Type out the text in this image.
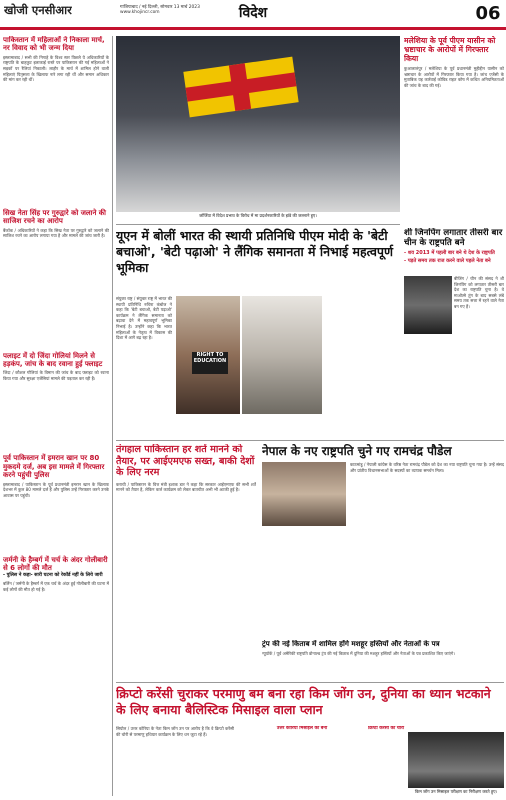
विदेश
खोजी एनसीआर	गाजियाबाद / नई दिल्ली, सोमवार 13 मार्च 2023
www.khojincr.com	06
पाकिस्तान में महिलाओं ने निकाला मार्च, नर विवाद को भी जन्म दिया
इस्लामाबाद / सभी की निगाहे के विश्व स्तर पिछले ये अधिकारियों के राष्ट्रपति के बाहकुट इलाकाई रास्ते पर पाकिस्तान की गई महिलाओं ने सड़कों पर रैलियां निकाली। लाहौर के मार्च में शामिल होने वाली महिलाएं पितृसत्ता के खिलाफ नारे लगा रही थीं और समान अधिकार की मांग कर रही थीं।
सिख नेता सिंह पर गुरुद्वारे को जलाने की साजिश रचने का आरोप
बैंकॉक / अधिकारियों ने कहा कि सिख नेता पर गुरुद्वारे को जलाने की साजिश रचने का आरोप लगाया गया है और मामले की जांच जारी है।
पलाइट में दो जिंदा गोलियां मिलने से हड़कंप, जांच के बाद रवाना हुई फ्लाइट
जिंदा / कौशल गोलियां के विमान की जांच के बाद फ्लाइट को रवाना किया गया और सुरक्षा एजेंसियां मामले की पड़ताल कर रही हैं।
पूर्व पाकिस्तान में इमरान खान पर 80 मुकदमे दर्ज, अब इस मामले में गिरफ्तार करने पहुंची पुलिस
इस्लामाबाद / पाकिस्तान के पूर्व प्रधानमंत्री इमरान खान के खिलाफ देशभर में कुल 80 मामले दर्ज हैं और पुलिस उन्हें गिरफ्तार करने उनके आवास पर पहुंची।
जर्मनी के हैम्बर्ग में चर्च के अंदर गोलीबारी से 6 लोगों की मौत
- पुलिस ने कहा- सारी घटना को रेकॉर्ड नहीं के लिये जारी
बर्लिन / जर्मनी के हैम्बर्ग में एक चर्च के अंदर हुई गोलीबारी की घटना में कई लोगों की मौत हो गई है।
जॉर्जिया में विदेश प्रभाव के विरोध में मा प्रदर्शनकारियों के झंडे की जल्लाने हुए।
मलेशिया के पूर्व पीएम यासीन को भ्रष्टाचार के आरोपों में गिरफ्तार किया
कुआलालंपुर / मलेशिया के पूर्व प्रधानमंत्री मुहीद्दीन यासीन को भ्रष्टाचार के आरोपों में गिरफ्तार किया गया है। जांच एजेंसी के मुताबिक यह कार्रवाई कोविड राहत कोष में कथित अनियमितताओं की जांच के बाद की गई।
यूएन में बोलीं भारत की स्थायी प्रतिनिधि पीएम मोदी के 'बेटी बचाओ', 'बेटी पढ़ाओ' ने लैंगिक समानता में निभाई महत्वपूर्ण भूमिका
संयुक्त राष्ट्र / संयुक्त राष्ट्र में भारत की स्थायी प्रतिनिधि रुचिरा कंबोज ने कहा कि 'बेटी बचाओ, बेटी पढ़ाओ' कार्यक्रम ने लैंगिक समानता को बढ़ावा देने में महत्वपूर्ण भूमिका निभाई है। उन्होंने कहा कि भारत महिलाओं के नेतृत्व में विकास की दिशा में आगे बढ़ रहा है।
RIGHT TO EDUCATION
शी जिनपिंग लगातार तीसरी बार चीन के राष्ट्रपति बने
- शव 2013 में पहली बार बने थे देश के राष्ट्रपति
- पड़ते समय तक राज करने वाले पहले नेता बने
बीजिंग / चीन की संसद ने शी जिनपिंग को लगातार तीसरी बार देश का राष्ट्रपति चुना है। वे माओत्से तुंग के बाद सबसे लंबे समय तक सत्ता में रहने वाले नेता बन गए हैं।
तंगहाल पाकिस्तान हर शर्त मानने को तैयार, पर आईएमएफ सख्त, बाकी देशों के लिए नरम
कराची / पाकिस्तान के वित्त मंत्री इशाक डार ने कहा कि सरकार आईएमएफ की सभी शर्तें मानने को तैयार है, लेकिन कर्ज कार्यक्रम को लेकर बातचीत अभी भी अटकी हुई है।
नेपाल के नए राष्ट्रपति चुने गए रामचंद्र पौडेल
काठमांडू / नेपाली कांग्रेस के वरिष्ठ नेता रामचंद्र पौडेल को देश का नया राष्ट्रपति चुना गया है। उन्हें संसद और प्रांतीय विधानसभाओं के सदस्यों का व्यापक समर्थन मिला।
ट्रंप की नई किताब में शामिल होंगे मशहूर हस्तियों और नेताओं के पत्र
न्यूयॉर्क / पूर्व अमेरिकी राष्ट्रपति डोनाल्ड ट्रंप की नई किताब में दुनिया की मशहूर हस्तियों और नेताओं के पत्र प्रकाशित किए जाएंगे।
क्रिप्टो करेंसी चुराकर परमाणु बम बना रहा किम जोंग उन, दुनिया का ध्यान भटकाने के लिए बनाया बैलिस्टिक मिसाइल वाला प्लान
सियोल / उत्तर कोरिया के नेता किम जोंग उन पर आरोप है कि वे क्रिप्टो करेंसी की चोरी से परमाणु हथियार कार्यक्रम के लिए धन जुटा रहे हैं।
उत्तर कोरिया मिसाइल को बना	क्रिप्टो करेंसी की चोरी
किम जोंग उन मिसाइल परीक्षण का निरीक्षण करते हुए।
